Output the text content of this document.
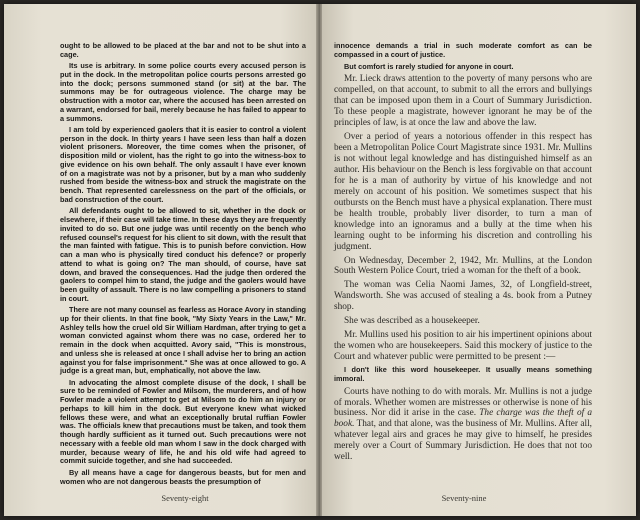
ought to be allowed to be placed at the bar and not to be shut into a cage.

Its use is arbitrary. In some police courts every accused person is put in the dock. In the metropolitan police courts persons arrested go into the dock; persons summoned stand (or sit) at the bar. The summons may be for outrageous violence. The charge may be obstruction with a motor car, where the accused has been arrested on a warrant, endorsed for bail, merely because he has failed to appear to a summons.

I am told by experienced gaolers that it is easier to control a violent person in the dock. In thirty years I have seen less than half a dozen violent prisoners. Moreover, the time comes when the prisoner, of disposition mild or violent, has the right to go into the witness-box to give evidence on his own behalf. The only assault I have ever known of on a magistrate was not by a prisoner, but by a man who suddenly rushed from beside the witness-box and struck the magistrate on the bench. That represented carelessness on the part of the officials, or bad construction of the court.

All defendants ought to be allowed to sit, whether in the dock or elsewhere, if their case will take time. In these days they are frequently invited to do so. But one judge was until recently on the bench who refused counsel's request for his client to sit down, with the result that the man fainted with fatigue. This is to punish before conviction. How can a man who is physically tired conduct his defence? or properly attend to what is going on? The man should, of course, have sat down, and braved the consequences. Had the judge then ordered the gaolers to compel him to stand, the judge and the gaolers would have been guilty of assault. There is no law compelling a prisoners to stand in court.

There are not many counsel as fearless as Horace Avory in standing up for their clients. In that fine book, "My Sixty Years in the Law," Mr. Ashley tells how the cruel old Sir William Hardman, after trying to get a woman convicted against whom there was no case, ordered her to remain in the dock when acquitted. Avory said, "This is monstrous, and unless she is released at once I shall advise her to bring an action against you for false imprisonment." She was at once allowed to go. A judge is a great man, but, emphatically, not above the law.

In advocating the almost complete disuse of the dock, I shall be sure to be reminded of Fowler and Milsom, the murderers, and of how Fowler made a violent attempt to get at Milsom to do him an injury or perhaps to kill him in the dock. But everyone knew what wicked fellows these were, and what an exceptionally brutal ruffian Fowler was. The officials knew that precautions must be taken, and took them though hardly sufficient as it turned out. Such precautions were not necessary with a feeble old man whom I saw in the dock charged with murder, because weary of life, he and his old wife had agreed to commit suicide together, and she had succeeded.

By all means have a cage for dangerous beasts, but for men and women who are not dangerous beasts the presumption of

Seventy-eight

innocence demands a trial in such moderate comfort as can be compassed in a court of justice.

But comfort is rarely studied for anyone in court.

Mr. Lieck draws attention to the poverty of many persons who are compelled, on that account, to submit to all the errors and bullyings that can be imposed upon them in a Court of Summary Jurisdiction. To these people a magistrate, however ignorant he may be of the principles of law, is at once the law and above the law.

Over a period of years a notorious offender in this respect has been a Metropolitan Police Court Magistrate since 1931. Mr. Mullins is not without legal knowledge and has distinguished himself as an author. His behaviour on the Bench is less forgivable on that account for he is a man of authority by virtue of his knowledge and not merely on account of his position. We sometimes suspect that his outbursts on the Bench must have a physical explanation. There must be health trouble, probably liver disorder, to turn a man of knowledge into an ignoramus and a bully at the time when his learning ought to be informing his discretion and controlling his judgment.

On Wednesday, December 2, 1942, Mr. Mullins, at the London South Western Police Court, tried a woman for the theft of a book.

The woman was Celia Naomi James, 32, of Longfield-street, Wandsworth. She was accused of stealing a 4s. book from a Putney shop.

She was described as a housekeeper.

Mr. Mullins used his position to air his impertinent opinions about the women who are housekeepers. Said this mockery of justice to the Court and whatever public were permitted to be present :—

I don't like this word housekeeper. It usually means something immoral.

Courts have nothing to do with morals. Mr. Mullins is not a judge of morals. Whether women are mistresses or otherwise is none of his business. Nor did it arise in the case. The charge was the theft of a book. That, and that alone, was the business of Mr. Mullins. After all, whatever legal airs and graces he may give to himself, he presides merely over a Court of Summary Jurisdiction. He does that not too well.

Seventy-nine
